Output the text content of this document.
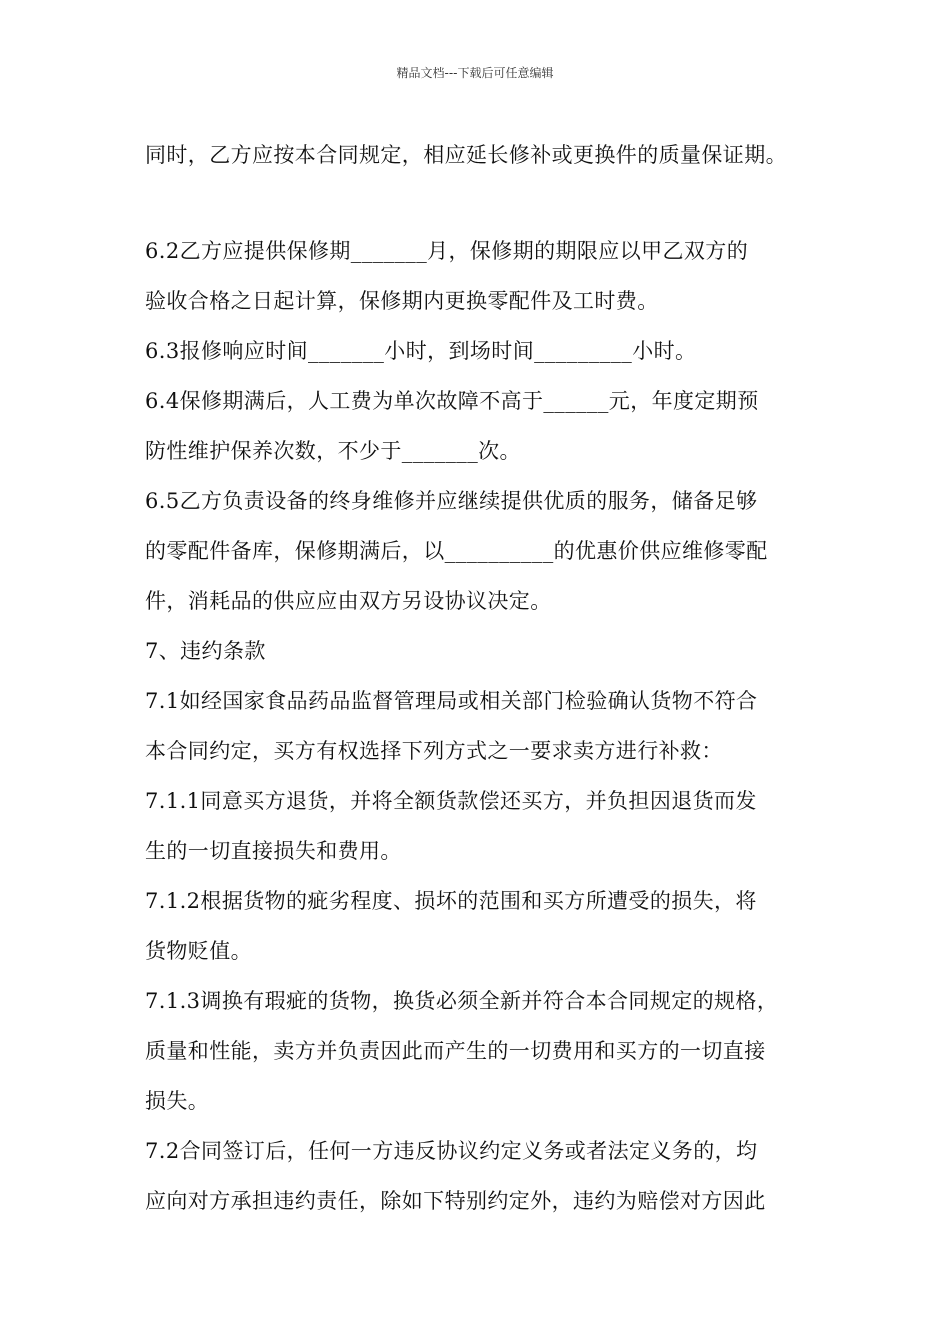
精品文档---下载后可任意编辑
同时，乙方应按本合同规定，相应延长修补或更换件的质量保证期。
6.2乙方应提供保修期_______月，保修期的期限应以甲乙双方的
验收合格之日起计算，保修期内更换零配件及工时费。
6.3报修响应时间_______小时，到场时间_________小时。
6.4保修期满后，人工费为单次故障不高于______元，年度定期预
防性维护保养次数，不少于_______次。
6.5乙方负责设备的终身维修并应继续提供优质的服务，储备足够
的零配件备库，保修期满后，以__________的优惠价供应维修零配
件，消耗品的供应应由双方另设协议决定。
7、违约条款
7.1如经国家食品药品监督管理局或相关部门检验确认货物不符合
本合同约定，买方有权选择下列方式之一要求卖方进行补救：
7.1.1同意买方退货，并将全额货款偿还买方，并负担因退货而发
生的一切直接损失和费用。
7.1.2根据货物的疵劣程度、损坏的范围和买方所遭受的损失，将
货物贬值。
7.1.3调换有瑕疵的货物，换货必须全新并符合本合同规定的规格，
质量和性能，卖方并负责因此而产生的一切费用和买方的一切直接
损失。
7.2合同签订后，任何一方违反协议约定义务或者法定义务的，均
应向对方承担违约责任，除如下特别约定外，违约为赔偿对方因此
